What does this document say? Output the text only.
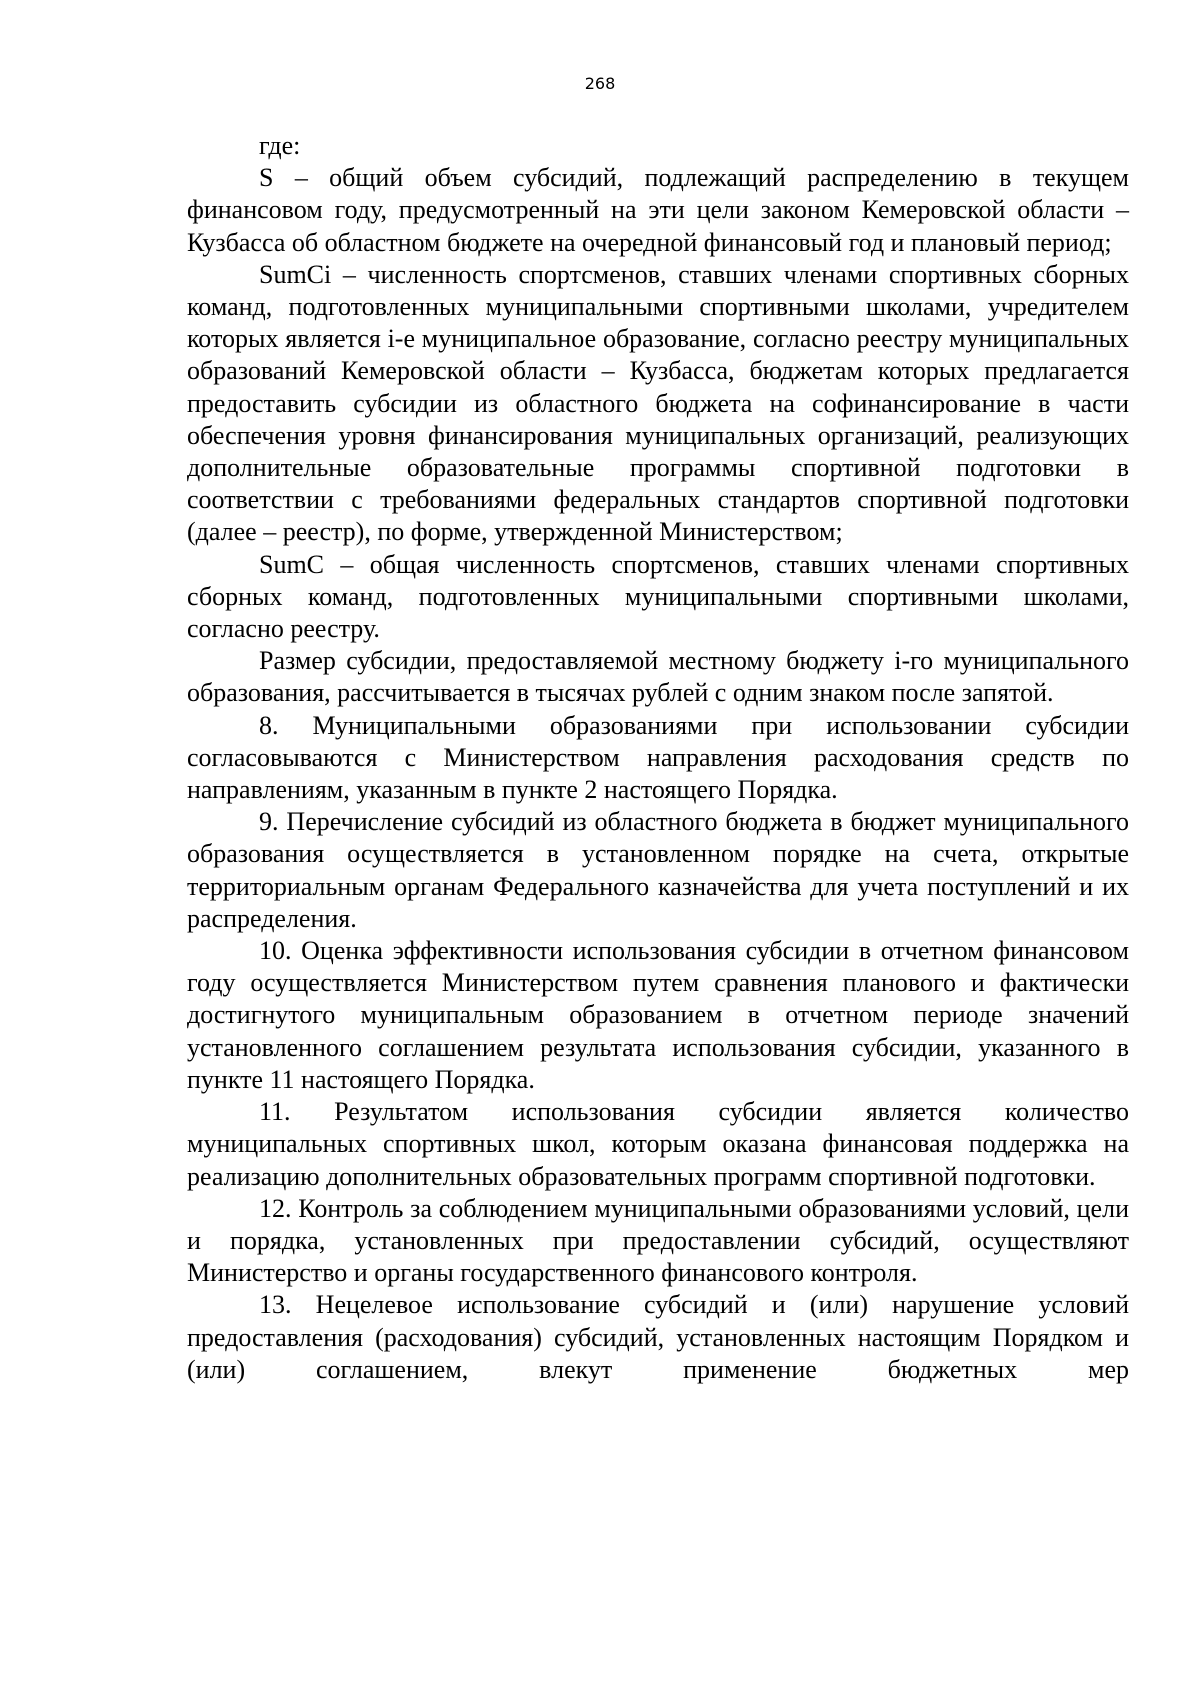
268

где:

S – общий объем субсидий, подлежащий распределению в текущем финансовом году, предусмотренный на эти цели законом Кемеровской области – Кузбасса об областном бюджете на очередной финансовый год и плановый период;

SumCi – численность спортсменов, ставших членами спортивных сборных команд, подготовленных муниципальными спортивными школами, учредителем которых является i-е муниципальное образование, согласно реестру муниципальных образований Кемеровской области – Кузбасса, бюджетам которых предлагается предоставить субсидии из областного бюджета на софинансирование в части обеспечения уровня финансирования муниципальных организаций, реализующих дополнительные образовательные программы спортивной подготовки в соответствии с требованиями федеральных стандартов спортивной подготовки (далее – реестр), по форме, утвержденной Министерством;

SumC – общая численность спортсменов, ставших членами спортивных сборных команд, подготовленных муниципальными спортивными школами, согласно реестру.

Размер субсидии, предоставляемой местному бюджету i-го муниципального образования, рассчитывается в тысячах рублей с одним знаком после запятой.

8. Муниципальными образованиями при использовании субсидии согласовываются с Министерством направления расходования средств по направлениям, указанным в пункте 2 настоящего Порядка.

9. Перечисление субсидий из областного бюджета в бюджет муниципального образования осуществляется в установленном порядке на счета, открытые территориальным органам Федерального казначейства для учета поступлений и их распределения.

10. Оценка эффективности использования субсидии в отчетном финансовом году осуществляется Министерством путем сравнения планового и фактически достигнутого муниципальным образованием в отчетном периоде значений установленного соглашением результата использования субсидии, указанного в пункте 11 настоящего Порядка.

11. Результатом использования субсидии является количество муниципальных спортивных школ, которым оказана финансовая поддержка на реализацию дополнительных образовательных программ спортивной подготовки.

12. Контроль за соблюдением муниципальными образованиями условий, цели и порядка, установленных при предоставлении субсидий, осуществляют Министерство и органы государственного финансового контроля.

13. Нецелевое использование субсидий и (или) нарушение условий предоставления (расходования) субсидий, установленных настоящим Порядком и (или) соглашением, влекут применение бюджетных мер
